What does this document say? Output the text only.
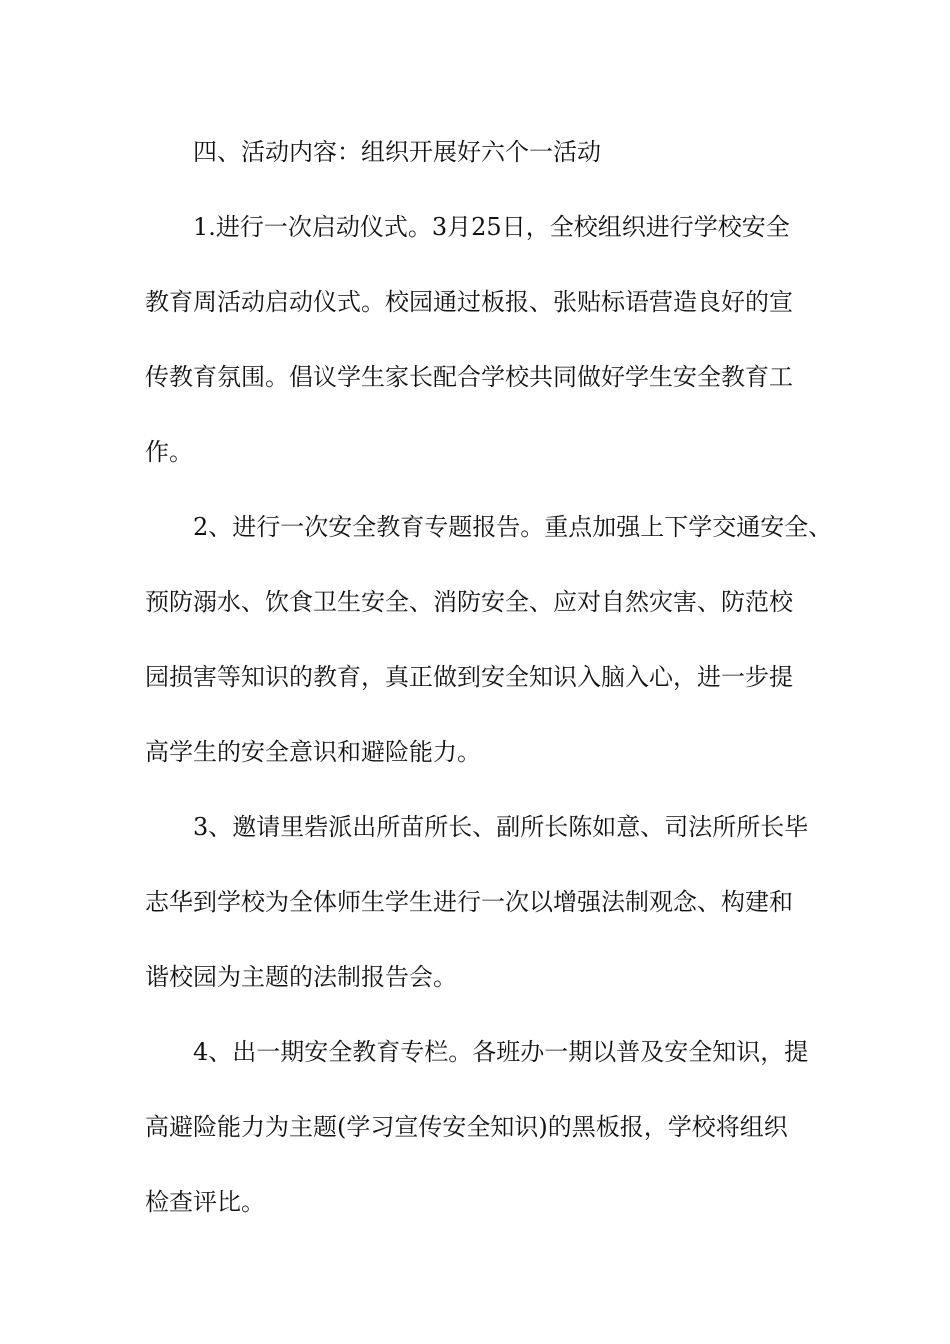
四、活动内容：组织开展好六个一活动
1.进行一次启动仪式。3月25日，全校组织进行学校安全
教育周活动启动仪式。校园通过板报、张贴标语营造良好的宣
传教育氛围。倡议学生家长配合学校共同做好学生安全教育工
作。
2、进行一次安全教育专题报告。重点加强上下学交通安全、
预防溺水、饮食卫生安全、消防安全、应对自然灾害、防范校
园损害等知识的教育，真正做到安全知识入脑入心，进一步提
高学生的安全意识和避险能力。
3、邀请里砦派出所苗所长、副所长陈如意、司法所所长毕
志华到学校为全体师生学生进行一次以增强法制观念、构建和
谐校园为主题的法制报告会。
4、出一期安全教育专栏。各班办一期以普及安全知识，提
高避险能力为主题(学习宣传安全知识)的黑板报，学校将组织
检查评比。
